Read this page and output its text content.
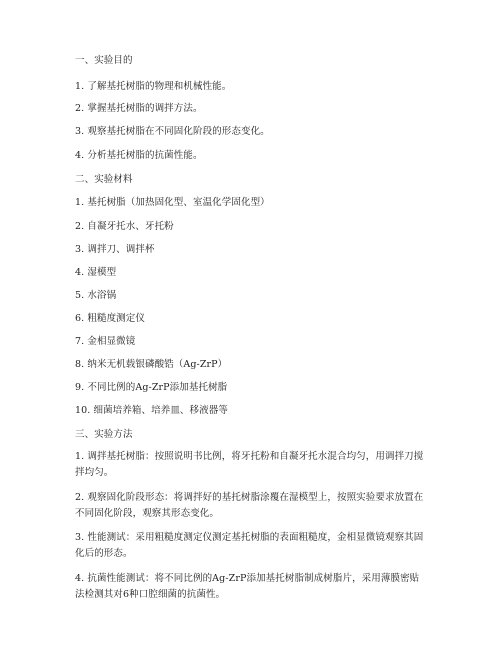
一、实验目的
1. 了解基托树脂的物理和机械性能。
2. 掌握基托树脂的调拌方法。
3. 观察基托树脂在不同固化阶段的形态变化。
4. 分析基托树脂的抗菌性能。
二、实验材料
1. 基托树脂（加热固化型、室温化学固化型）
2. 自凝牙托水、牙托粉
3. 调拌刀、调拌杯
4. 湿模型
5. 水浴锅
6. 粗糙度测定仪
7. 金相显微镜
8. 纳米无机载银磷酸锆（Ag-ZrP）
9. 不同比例的Ag-ZrP添加基托树脂
10. 细菌培养箱、培养皿、移液器等
三、实验方法
1. 调拌基托树脂：按照说明书比例，将牙托粉和自凝牙托水混合均匀，用调拌刀搅拌均匀。
2. 观察固化阶段形态：将调拌好的基托树脂涂覆在湿模型上，按照实验要求放置在不同固化阶段，观察其形态变化。
3. 性能测试：采用粗糙度测定仪测定基托树脂的表面粗糙度，金相显微镜观察其固化后的形态。
4. 抗菌性能测试：将不同比例的Ag-ZrP添加基托树脂制成树脂片，采用薄膜密贴法检测其对6种口腔细菌的抗菌性。
